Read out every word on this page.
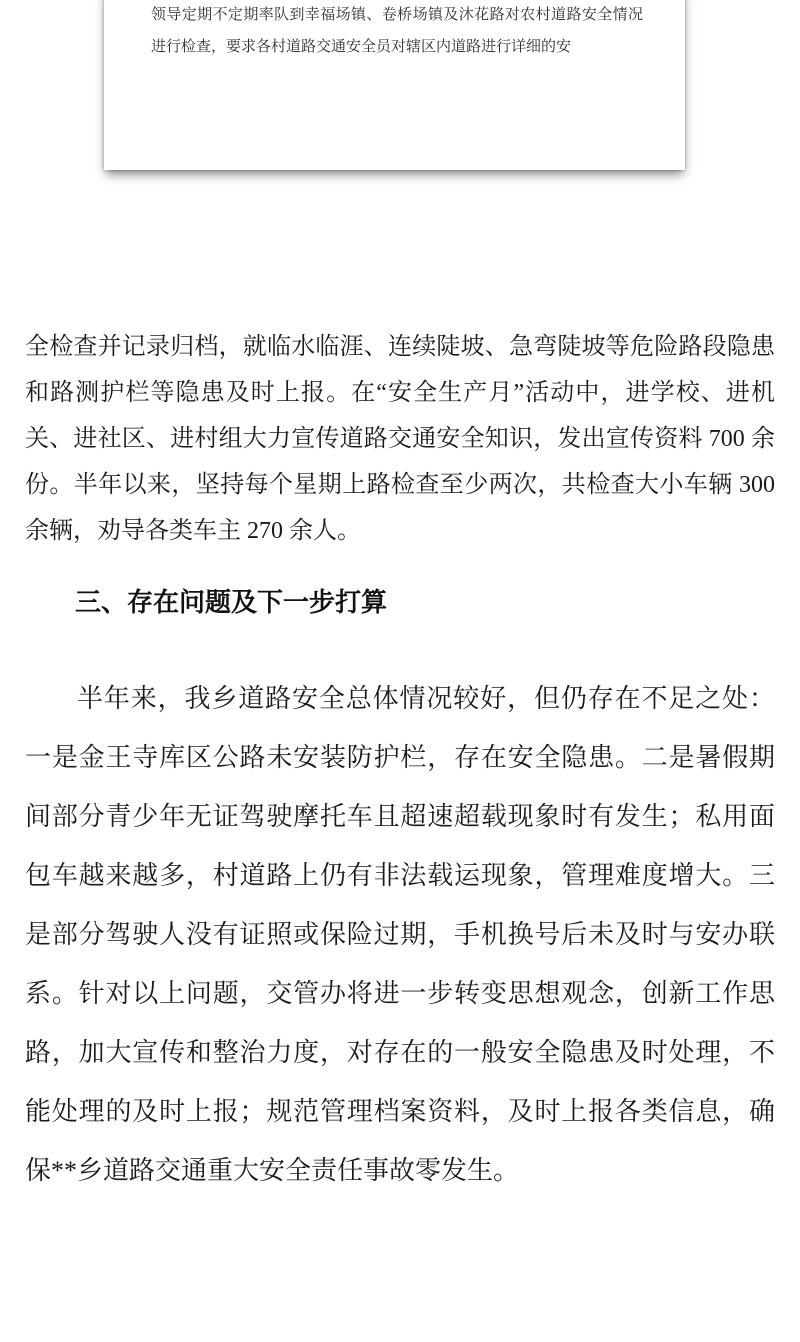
领导定期不定期率队到幸福场镇、卷桥场镇及沐花路对农村道路安全情况进行检查，要求各村道路交通安全员对辖区内道路进行详细的安

全检查并记录归档，就临水临涯、连续陡坡、急弯陡坡等危险路段隐患和路测护栏等隐患及时上报。在“安全生产月”活动中，进学校、进机关、进社区、进村组大力宣传道路交通安全知识，发出宣传资料 700 余份。半年以来，坚持每个星期上路检查至少两次，共检查大小车辆 300 余辆，劝导各类车主 270 余人。

三、存在问题及下一步打算

半年来，我乡道路安全总体情况较好，但仍存在不足之处：一是金王寺库区公路未安装防护栏，存在安全隐患。二是暑假期间部分青少年无证驾驶摩托车且超速超载现象时有发生；私用面包车越来越多，村道路上仍有非法载运现象，管理难度增大。三是部分驾驶人没有证照或保险过期，手机换号后未及时与安办联系。针对以上问题，交管办将进一步转变思想观念，创新工作思路，加大宣传和整治力度，对存在的一般安全隐患及时处理，不能处理的及时上报；规范管理档案资料，及时上报各类信息，确保**乡道路交通重大安全责任事故零发生。
